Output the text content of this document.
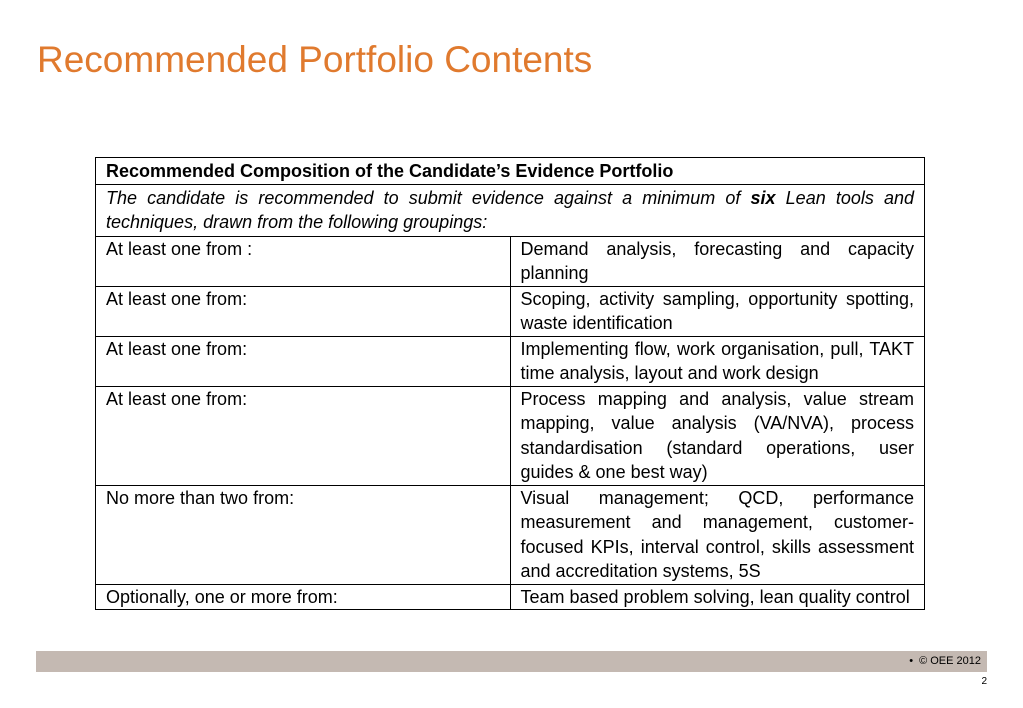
Recommended Portfolio Contents
Recommended Composition of the Candidate’s Evidence Portfolio	
The candidate is recommended to submit evidence against a minimum of six Lean tools and techniques, drawn from the following groupings:	
At least one from :	Demand analysis, forecasting and capacity planning
At least one from:	Scoping, activity sampling, opportunity spotting, waste identification
At least one from:	Implementing flow, work organisation, pull, TAKT time analysis, layout and work design
At least one from:	Process mapping and analysis, value stream mapping, value analysis (VA/NVA), process standardisation (standard operations, user guides & one best way)
No more than two from:	Visual management; QCD, performance measurement and management, customer-focused KPIs, interval control, skills assessment and accreditation systems, 5S
Optionally, one or more from:	Team based problem solving, lean quality control
• © OEE 2012
2
